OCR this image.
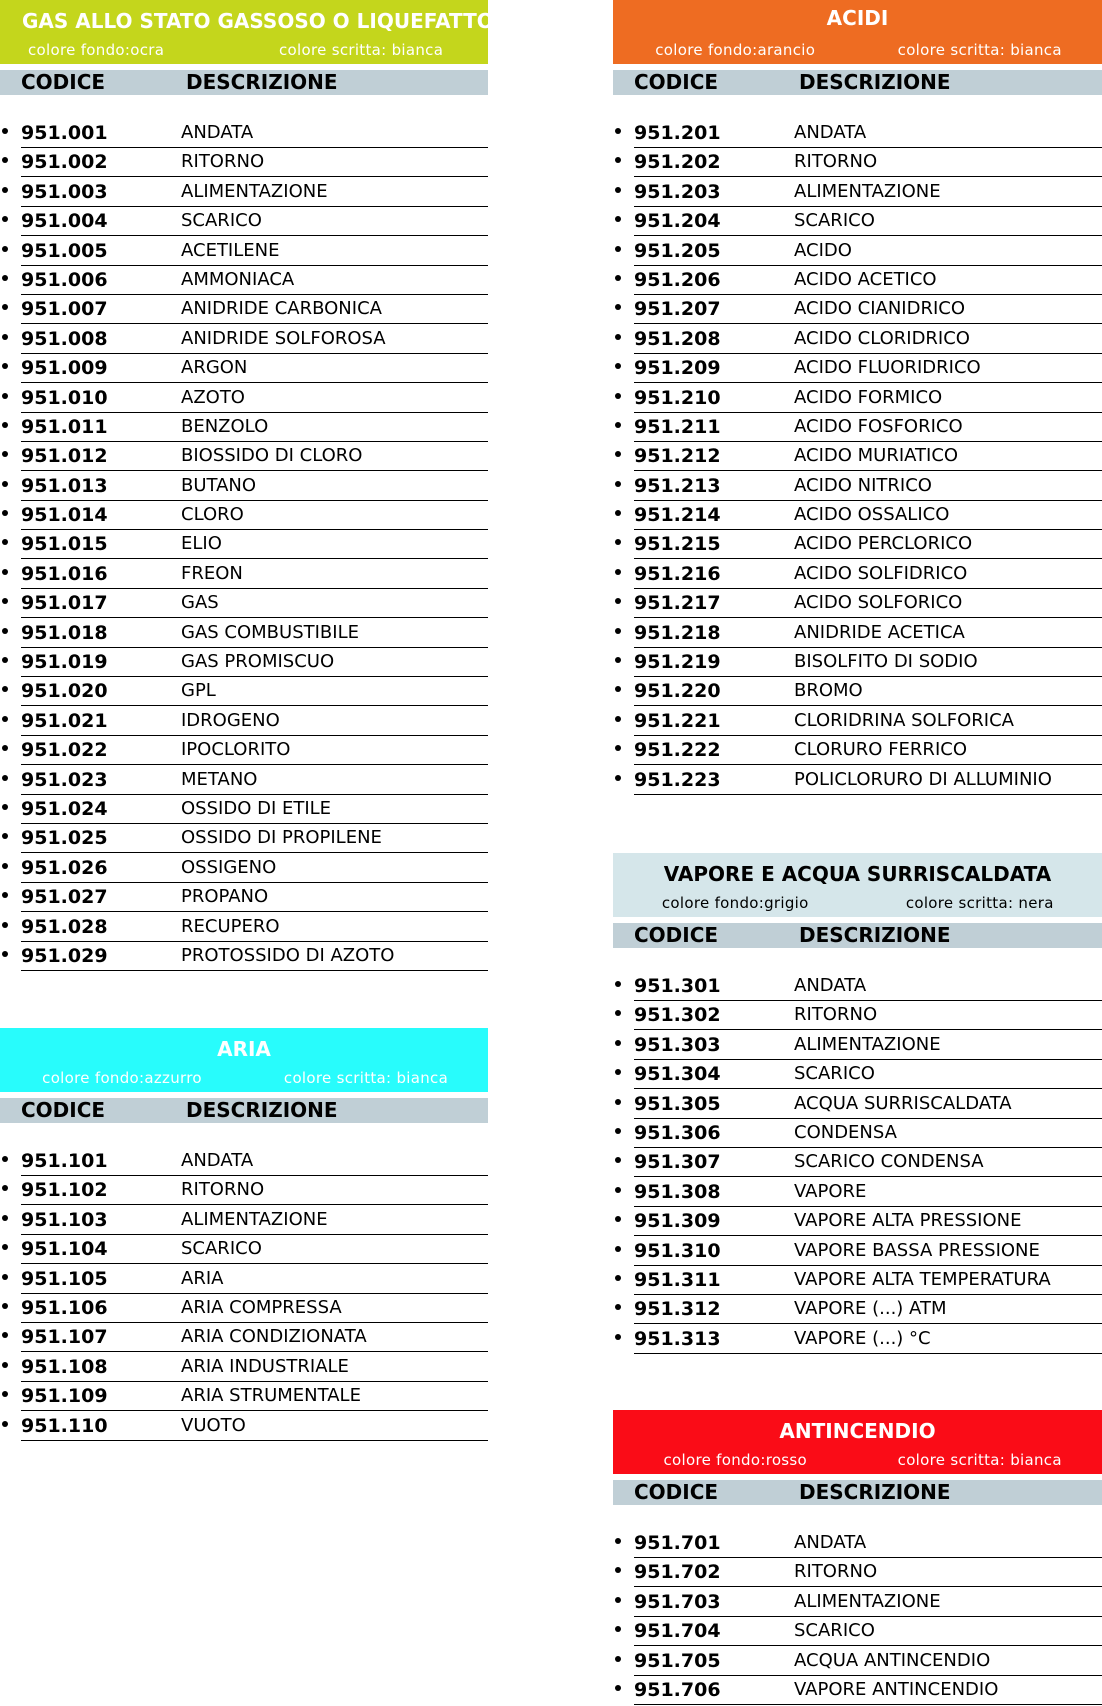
GAS ALLO STATO GASSOSO O LIQUEFATTO
colore fondo:ocra	colore scritta: bianca
CODICE	DESCRIZIONE
951.001	ANDATA
951.002	RITORNO
951.003	ALIMENTAZIONE
951.004	SCARICO
951.005	ACETILENE
951.006	AMMONIACA
951.007	ANIDRIDE CARBONICA
951.008	ANIDRIDE SOLFOROSA
951.009	ARGON
951.010	AZOTO
951.011	BENZOLO
951.012	BIOSSIDO DI CLORO
951.013	BUTANO
951.014	CLORO
951.015	ELIO
951.016	FREON
951.017	GAS
951.018	GAS COMBUSTIBILE
951.019	GAS PROMISCUO
951.020	GPL
951.021	IDROGENO
951.022	IPOCLORITO
951.023	METANO
951.024	OSSIDO DI ETILE
951.025	OSSIDO DI PROPILENE
951.026	OSSIGENO
951.027	PROPANO
951.028	RECUPERO
951.029	PROTOSSIDO DI AZOTO
ARIA
colore fondo:azzurro	colore scritta: bianca
CODICE	DESCRIZIONE
951.101	ANDATA
951.102	RITORNO
951.103	ALIMENTAZIONE
951.104	SCARICO
951.105	ARIA
951.106	ARIA COMPRESSA
951.107	ARIA CONDIZIONATA
951.108	ARIA INDUSTRIALE
951.109	ARIA STRUMENTALE
951.110	VUOTO
ACIDI
colore fondo:arancio	colore scritta: bianca
CODICE	DESCRIZIONE
951.201	ANDATA
951.202	RITORNO
951.203	ALIMENTAZIONE
951.204	SCARICO
951.205	ACIDO
951.206	ACIDO ACETICO
951.207	ACIDO CIANIDRICO
951.208	ACIDO CLORIDRICO
951.209	ACIDO FLUORIDRICO
951.210	ACIDO FORMICO
951.211	ACIDO FOSFORICO
951.212	ACIDO MURIATICO
951.213	ACIDO NITRICO
951.214	ACIDO OSSALICO
951.215	ACIDO PERCLORICO
951.216	ACIDO SOLFIDRICO
951.217	ACIDO SOLFORICO
951.218	ANIDRIDE ACETICA
951.219	BISOLFITO DI SODIO
951.220	BROMO
951.221	CLORIDRINA SOLFORICA
951.222	CLORURO FERRICO
951.223	POLICLORURO DI ALLUMINIO
VAPORE E ACQUA SURRISCALDATA
colore fondo:grigio	colore scritta: nera
CODICE	DESCRIZIONE
951.301	ANDATA
951.302	RITORNO
951.303	ALIMENTAZIONE
951.304	SCARICO
951.305	ACQUA SURRISCALDATA
951.306	CONDENSA
951.307	SCARICO CONDENSA
951.308	VAPORE
951.309	VAPORE ALTA PRESSIONE
951.310	VAPORE BASSA PRESSIONE
951.311	VAPORE ALTA TEMPERATURA
951.312	VAPORE (...) ATM
951.313	VAPORE (...) °C
ANTINCENDIO
colore fondo:rosso	colore scritta: bianca
CODICE	DESCRIZIONE
951.701	ANDATA
951.702	RITORNO
951.703	ALIMENTAZIONE
951.704	SCARICO
951.705	ACQUA ANTINCENDIO
951.706	VAPORE ANTINCENDIO
